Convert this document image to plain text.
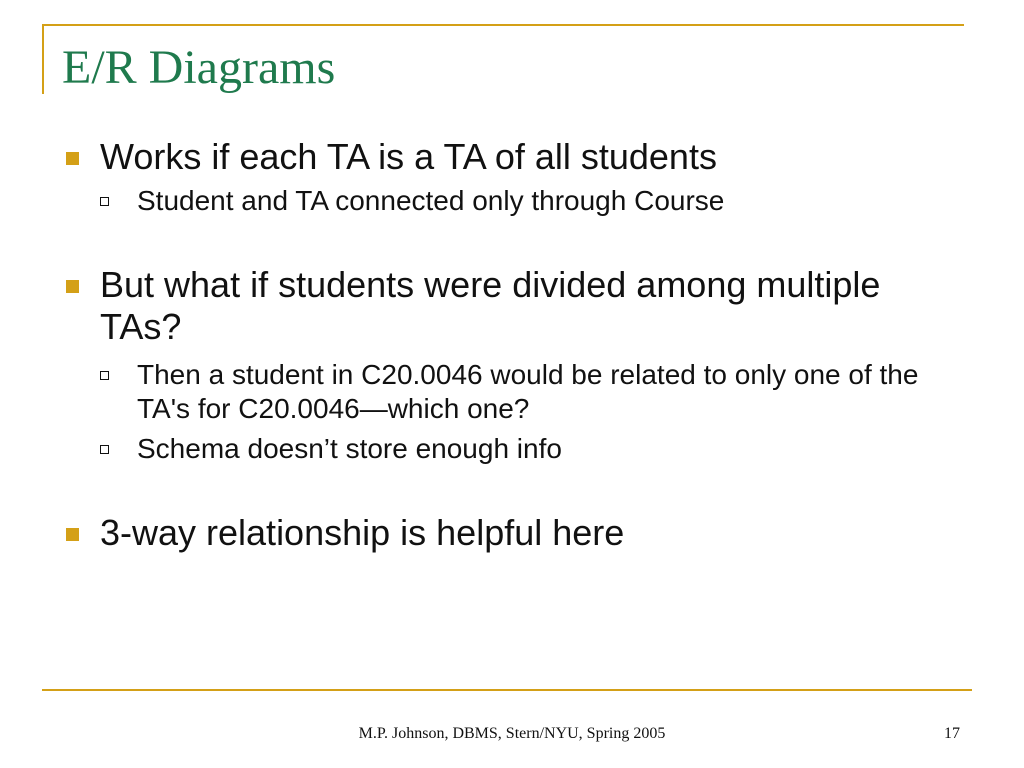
E/R Diagrams
Works if each TA is a TA of all students
Student and TA connected only through Course
But what if students were divided among multiple TAs?
Then a student in C20.0046 would be related to only one of the TA's for C20.0046—which one?
Schema doesn’t store enough info
3-way relationship is helpful here
M.P. Johnson, DBMS, Stern/NYU, Spring 2005	17
